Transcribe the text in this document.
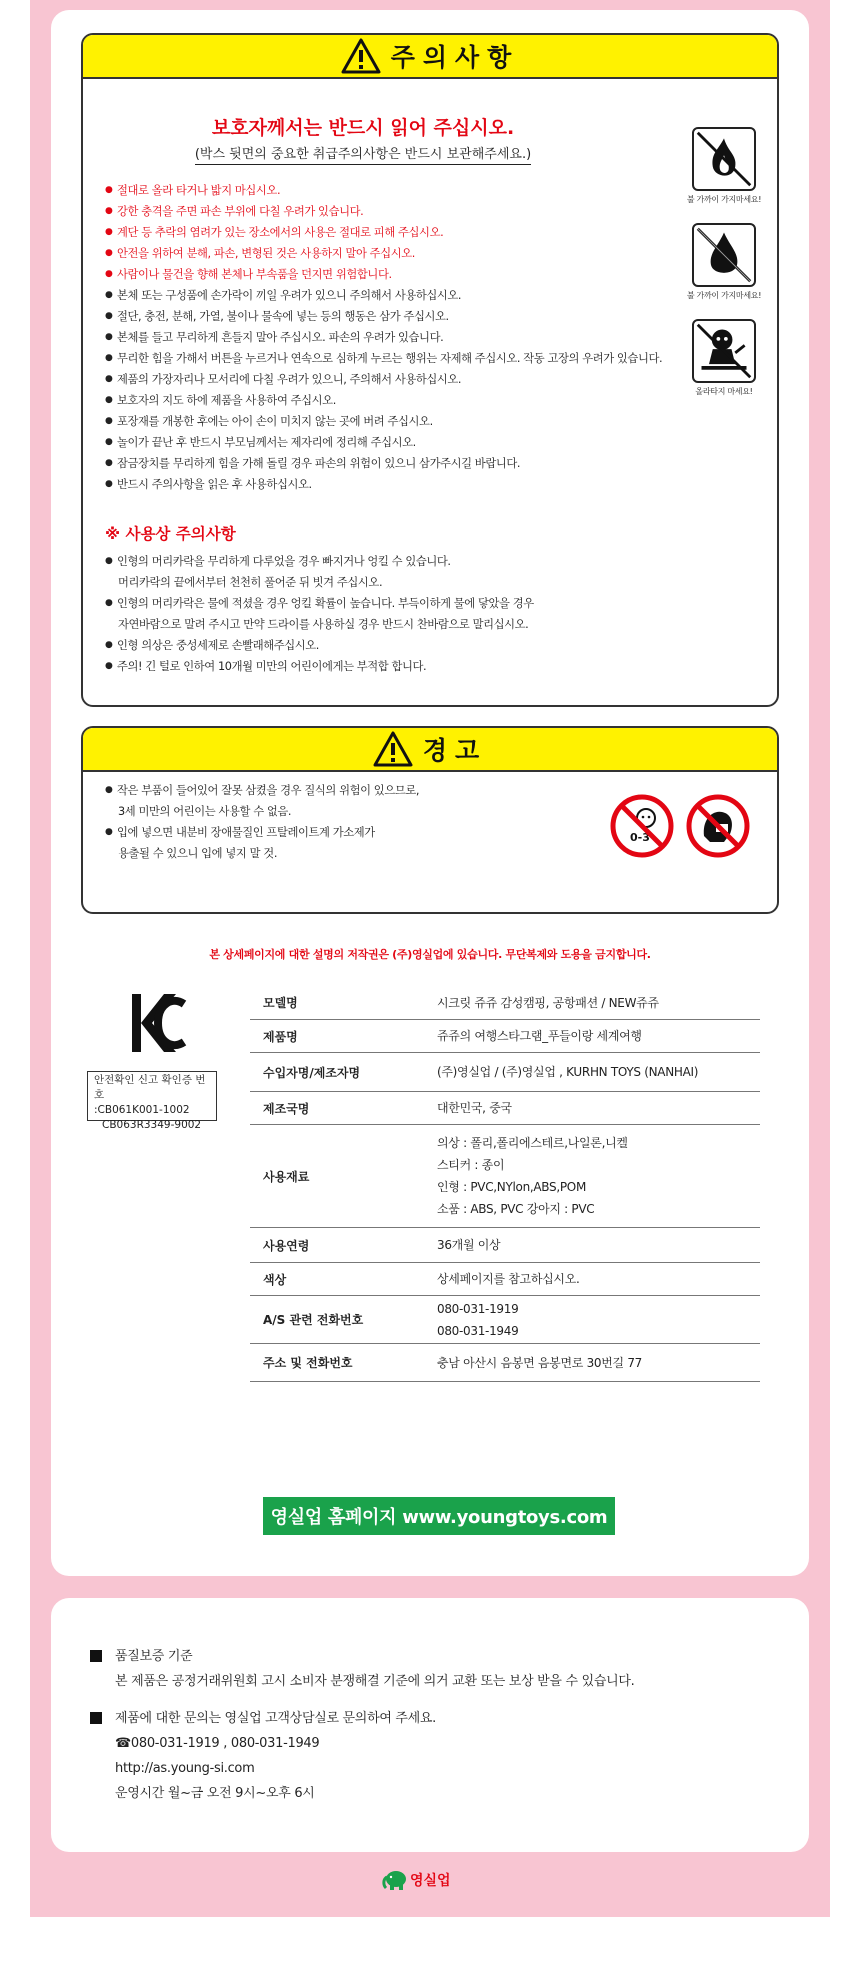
주의사항
보호자께서는 반드시 읽어 주십시오.
(박스 뒷면의 중요한 취급주의사항은 반드시 보관해주세요.)
● 절대로 올라 타거나 밟지 마십시오.
● 강한 충격을 주면 파손 부위에 다칠 우려가 있습니다.
● 계단 등 추락의 염려가 있는 장소에서의 사용은 절대로 피해 주십시오.
● 안전을 위하여 분해, 파손, 변형된 것은 사용하지 말아 주십시오.
● 사람이나 물건을 향해 본체나 부속품을 던지면 위험합니다.
● 본체 또는 구성품에 손가락이 끼일 우려가 있으니 주의해서 사용하십시오.
● 절단, 충전, 분해, 가열, 불이나 물속에 넣는 등의 행동은 삼가 주십시오.
● 본체를 들고 무리하게 흔들지 말아 주십시오. 파손의 우려가 있습니다.
● 무리한 힘을 가해서 버튼을 누르거나 연속으로 심하게 누르는 행위는 자제해 주십시오. 작동 고장의 우려가 있습니다.
● 제품의 가장자리나 모서리에 다칠 우려가 있으니, 주의해서 사용하십시오.
● 보호자의 지도 하에 제품을 사용하여 주십시오.
● 포장재를 개봉한 후에는 아이 손이 미치지 않는 곳에 버려 주십시오.
● 놀이가 끝난 후 반드시 부모님께서는 제자리에 정리해 주십시오.
● 잠금장치를 무리하게 힘을 가해 돌릴 경우 파손의 위험이 있으니 삼가주시길 바랍니다.
● 반드시 주의사항을 읽은 후 사용하십시오.
※ 사용상 주의사항
● 인형의 머리카락을 무리하게 다루었을 경우 빠지거나 엉킬 수 있습니다.
머리카락의 끝에서부터 천천히 풀어준 뒤 빗겨 주십시오.
● 인형의 머리카락은 물에 적셨을 경우 엉킬 확률이 높습니다. 부득이하게 물에 닿았을 경우
자연바람으로 말려 주시고 만약 드라이를 사용하실 경우 반드시 찬바람으로 말리십시오.
● 인형 의상은 중성세제로 손빨래해주십시오.
● 주의! 긴 털로 인하여 10개월 미만의 어린이에게는 부적합 합니다.
불 가까이 가지마세요!
불 가까이 가지마세요!
올라타지 마세요!
경고
● 작은 부품이 들어있어 잘못 삼켰을 경우 질식의 위험이 있으므로,
3세 미만의 어린이는 사용할 수 없음.
● 입에 넣으면 내분비 장애물질인 프탈레이트계 가소제가
용출될 수 있으니 입에 넣지 말 것.
0-3
본 상세페이지에 대한 설명의 저작권은 (주)영실업에 있습니다. 무단복제와 도용을 금지합니다.
안전확인 신고 확인증 번호
:CB061K001-1002
CB063R3349-9002
모델명	시크릿 쥬쥬 감성캠핑, 공항패션 / NEW쥬쥬
제품명	쥬쥬의 여행스타그램_푸들이랑 세계여행
수입자명/제조자명	(주)영실업 / (주)영실업 , KURHN TOYS (NANHAI)
제조국명	대한민국, 중국
사용재료
의상 : 폴리,폴리에스테르,나일론,니켈
스티커 : 종이
인형 : PVC,NYlon,ABS,POM
소품 : ABS, PVC 강아지 : PVC
사용연령	36개월 이상
색상	상세페이지를 참고하십시오.
A/S 관련 전화번호
080-031-1919
080-031-1949
주소 및 전화번호	충남 아산시 음봉면 음봉면로 30번길 77
영실업 홈페이지 www.youngtoys.com
품질보증 기준
본 제품은 공정거래위원회 고시 소비자 분쟁해결 기준에 의거 교환 또는 보상 받을 수 있습니다.
제품에 대한 문의는 영실업 고객상담실로 문의하여 주세요.
☎080-031-1919 , 080-031-1949
http://as.young-si.com
운영시간 월~금 오전 9시~오후 6시
영실업
